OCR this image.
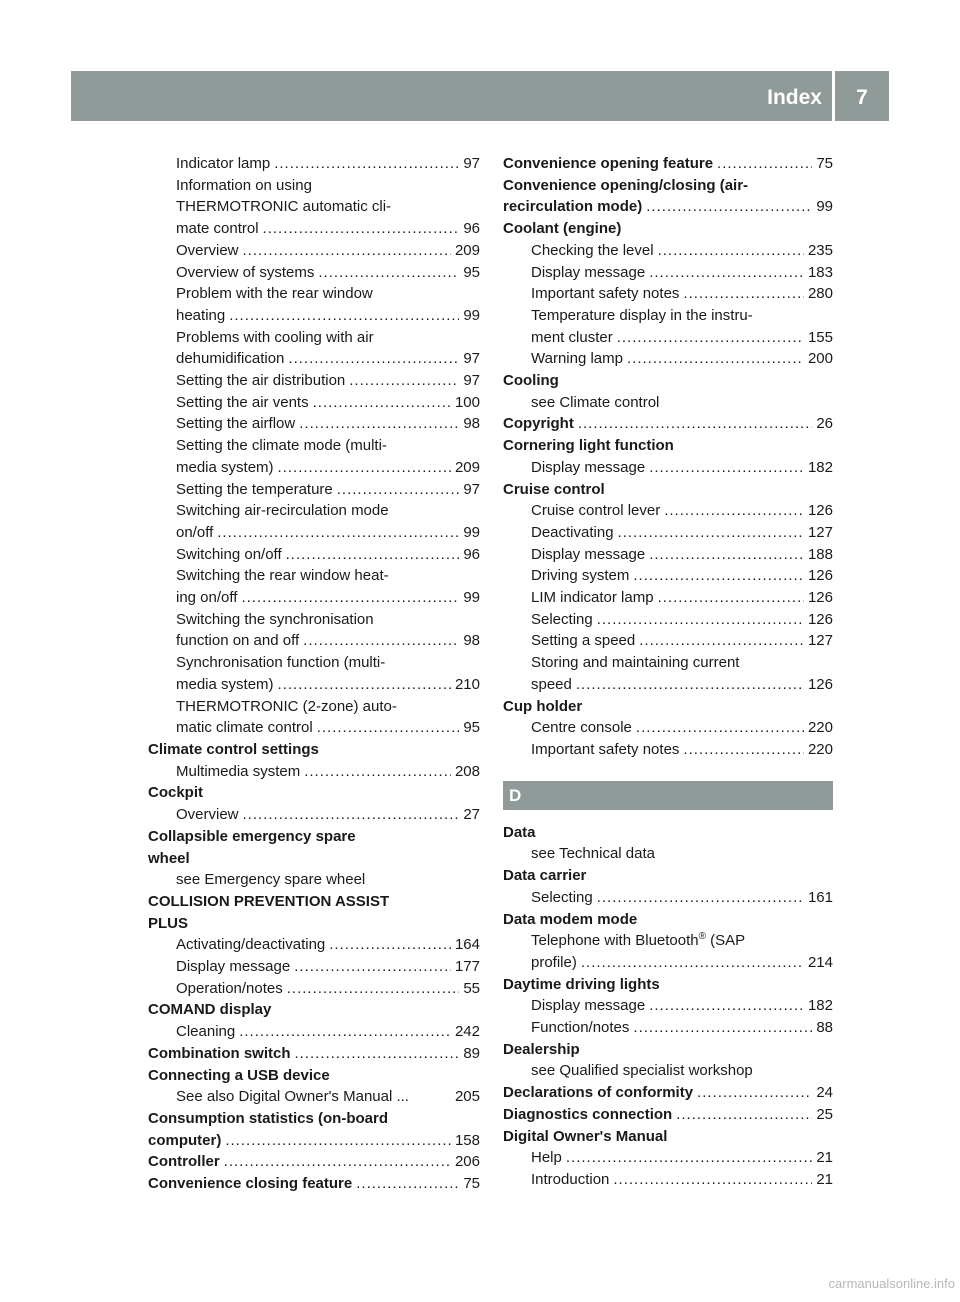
Index 7
Indicator lamp .....	97
Information on using
THERMOTRONIC automatic cli-
mate control .....	96
Overview .....	209
Overview of systems .....	95
Problem with the rear window
heating .....	99
Problems with cooling with air
dehumidification .....	97
Setting the air distribution .....	97
Setting the air vents .....	100
Setting the airflow .....	98
Setting the climate mode (multi-
media system) .....	209
Setting the temperature .....	97
Switching air-recirculation mode
on/off .....	99
Switching on/off .....	96
Switching the rear window heat-
ing on/off .....	99
Switching the synchronisation
function on and off .....	98
Synchronisation function (multi-
media system) .....	210
THERMOTRONIC (2-zone) auto-
matic climate control .....	95
Climate control settings
Multimedia system .....	208
Cockpit
Overview .....	27
Collapsible emergency spare
wheel
see Emergency spare wheel
COLLISION PREVENTION ASSIST
PLUS
Activating/deactivating .....	164
Display message .....	177
Operation/notes .....	55
COMAND display
Cleaning .....	242
Combination switch .....	89
Connecting a USB device
See also Digital Owner's Manual ...	205
Consumption statistics (on-board
computer) .....	158
Controller .....	206
Convenience closing feature .....	75
Convenience opening feature .....	75
Convenience opening/closing (air-
recirculation mode) .....	99
Coolant (engine)
Checking the level .....	235
Display message .....	183
Important safety notes .....	280
Temperature display in the instru-
ment cluster .....	155
Warning lamp .....	200
Cooling
see Climate control
Copyright .....	26
Cornering light function
Display message .....	182
Cruise control
Cruise control lever .....	126
Deactivating .....	127
Display message .....	188
Driving system .....	126
LIM indicator lamp .....	126
Selecting .....	126
Setting a speed .....	127
Storing and maintaining current
speed .....	126
Cup holder
Centre console .....	220
Important safety notes .....	220
D
Data
see Technical data
Data carrier
Selecting .....	161
Data modem mode
Telephone with Bluetooth® (SAP
profile) .....	214
Daytime driving lights
Display message .....	182
Function/notes .....	88
Dealership
see Qualified specialist workshop
Declarations of conformity .....	24
Diagnostics connection .....	25
Digital Owner's Manual
Help .....	21
Introduction .....	21
carmanualsonline.info
